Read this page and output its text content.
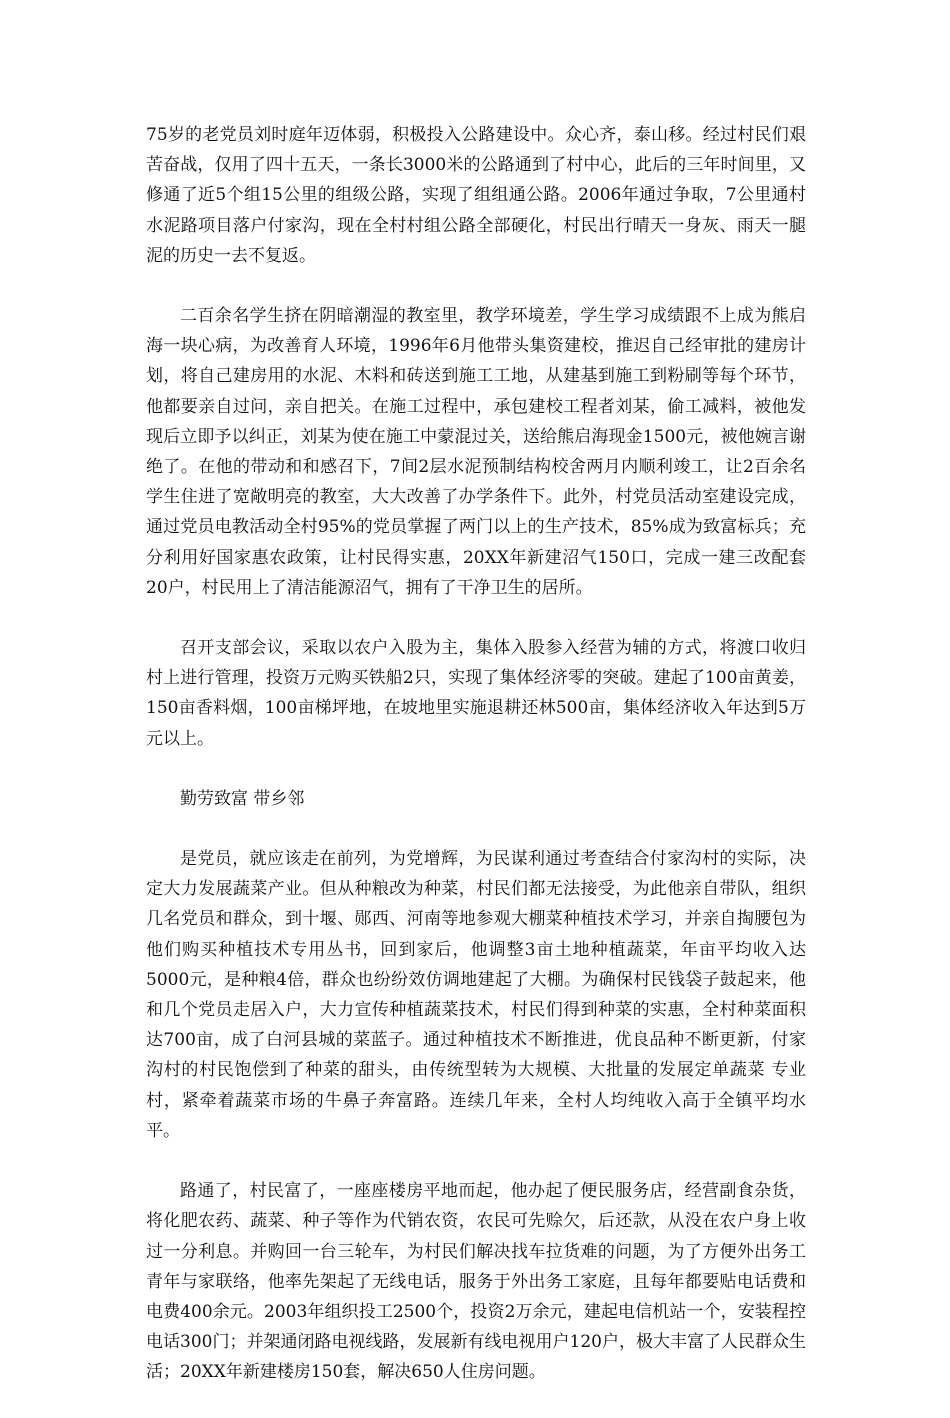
75岁的老党员刘时庭年迈体弱，积极投入公路建设中。众心齐，泰山移。经过村民们艰苦奋战，仅用了四十五天，一条长3000米的公路通到了村中心，此后的三年时间里，又修通了近5个组15公里的组级公路，实现了组组通公路。2006年通过争取，7公里通村水泥路项目落户付家沟，现在全村村组公路全部硬化，村民出行晴天一身灰、雨天一腿泥的历史一去不复返。

二百余名学生挤在阴暗潮湿的教室里，教学环境差，学生学习成绩跟不上成为熊启海一块心病，为改善育人环境，1996年6月他带头集资建校，推迟自己经审批的建房计划，将自己建房用的水泥、木料和砖送到施工工地，从建基到施工到粉刷等每个环节，他都要亲自过问，亲自把关。在施工过程中，承包建校工程者刘某，偷工减料，被他发现后立即予以纠正，刘某为使在施工中蒙混过关，送给熊启海现金1500元，被他婉言谢绝了。在他的带动和和感召下，7间2层水泥预制结构校舍两月内顺利竣工，让2百余名学生住进了宽敞明亮的教室，大大改善了办学条件下。此外，村党员活动室建设完成，通过党员电教活动全村95%的党员掌握了两门以上的生产技术，85%成为致富标兵；充分利用好国家惠农政策，让村民得实惠，20XX年新建沼气150口，完成一建三改配套20户，村民用上了清洁能源沼气，拥有了干净卫生的居所。

召开支部会议，采取以农户入股为主，集体入股参入经营为辅的方式，将渡口收归村上进行管理，投资万元购买铁船2只，实现了集体经济零的突破。建起了100亩黄姜，150亩香料烟，100亩梯坪地，在坡地里实施退耕还林500亩，集体经济收入年达到5万元以上。

勤劳致富 带乡邻

是党员，就应该走在前列，为党增辉，为民谋利通过考查结合付家沟村的实际，决定大力发展蔬菜产业。但从种粮改为种菜，村民们都无法接受，为此他亲自带队，组织几名党员和群众，到十堰、郧西、河南等地参观大棚菜种植技术学习，并亲自掏腰包为他们购买种植技术专用丛书，回到家后，他调整3亩土地种植蔬菜，年亩平均收入达5000元，是种粮4倍，群众也纷纷效仿调地建起了大棚。为确保村民钱袋子鼓起来，他和几个党员走居入户，大力宣传种植蔬菜技术，村民们得到种菜的实惠，全村种菜面积达700亩，成了白河县城的菜蓝子。通过种植技术不断推进，优良品种不断更新，付家沟村的村民饱偿到了种菜的甜头，由传统型转为大规模、大批量的发展定单蔬菜 专业村，紧牵着蔬菜市场的牛鼻子奔富路。连续几年来，全村人均纯收入高于全镇平均水平。

路通了，村民富了，一座座楼房平地而起，他办起了便民服务店，经营副食杂货，将化肥农药、蔬菜、种子等作为代销农资，农民可先赊欠，后还款，从没在农户身上收过一分利息。并购回一台三轮车，为村民们解决找车拉货难的问题，为了方便外出务工青年与家联络，他率先架起了无线电话，服务于外出务工家庭，且每年都要贴电话费和电费400余元。2003年组织投工2500个，投资2万余元，建起电信机站一个，安装程控电话300门；并架通闭路电视线路，发展新有线电视用户120户，极大丰富了人民群众生活；20XX年新建楼房150套，解决650人住房问题。
